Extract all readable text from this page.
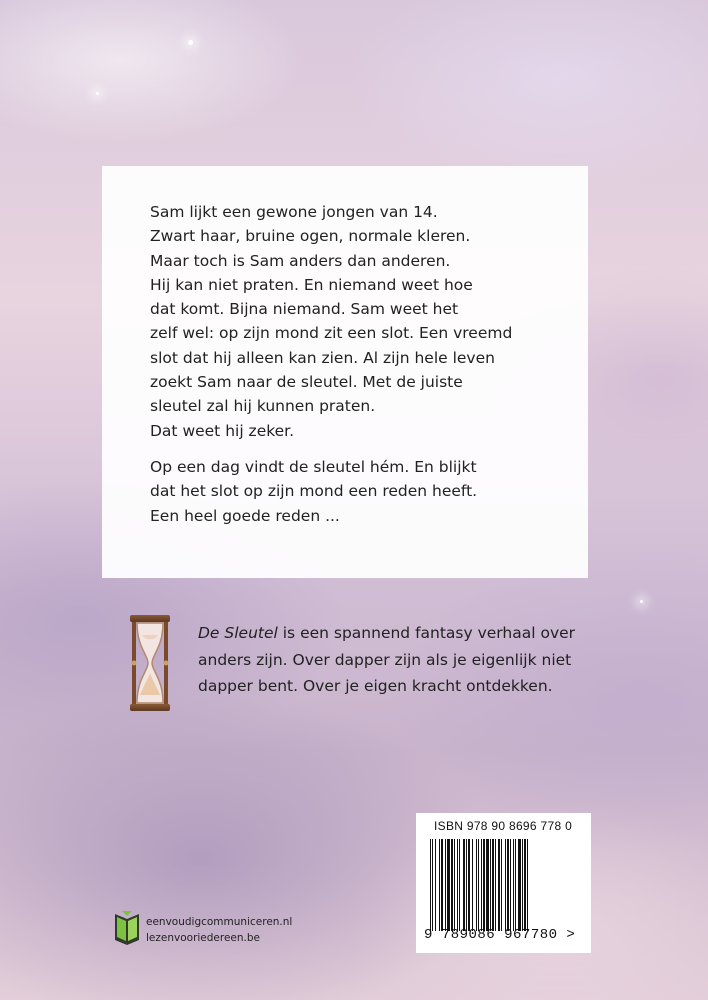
Sam lijkt een gewone jongen van 14.
Zwart haar, bruine ogen, normale kleren.
Maar toch is Sam anders dan anderen.
Hij kan niet praten. En niemand weet hoe
dat komt. Bijna niemand. Sam weet het
zelf wel: op zijn mond zit een slot. Een vreemd
slot dat hij alleen kan zien. Al zijn hele leven
zoekt Sam naar de sleutel. Met de juiste
sleutel zal hij kunnen praten.
Dat weet hij zeker.

Op een dag vindt de sleutel hém. En blijkt
dat het slot op zijn mond een reden heeft.
Een heel goede reden ...

De Sleutel is een spannend fantasy verhaal over
anders zijn. Over dapper zijn als je eigenlijk niet
dapper bent. Over je eigen kracht ontdekken.
ISBN 978 90 8696 778 0
9 789086 967780 >
eenvoudigcommuniceren.nl
lezenvooriedereen.be
